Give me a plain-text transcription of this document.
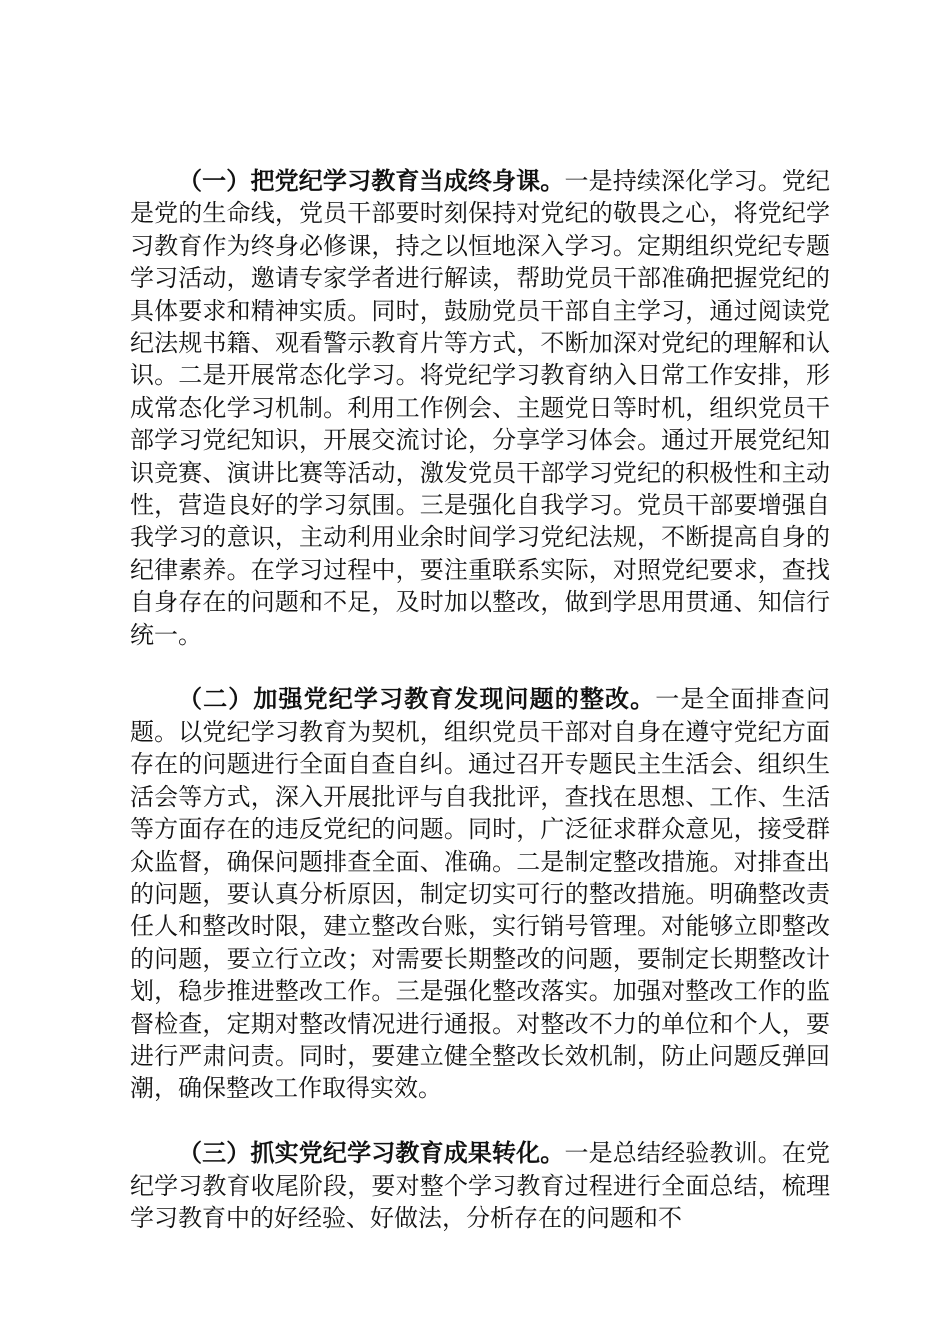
（一）把党纪学习教育当成终身课。一是持续深化学习。党纪是党的生命线，党员干部要时刻保持对党纪的敬畏之心，将党纪学习教育作为终身必修课，持之以恒地深入学习。定期组织党纪专题学习活动，邀请专家学者进行解读，帮助党员干部准确把握党纪的具体要求和精神实质。同时，鼓励党员干部自主学习，通过阅读党纪法规书籍、观看警示教育片等方式，不断加深对党纪的理解和认识。二是开展常态化学习。将党纪学习教育纳入日常工作安排，形成常态化学习机制。利用工作例会、主题党日等时机，组织党员干部学习党纪知识，开展交流讨论，分享学习体会。通过开展党纪知识竞赛、演讲比赛等活动，激发党员干部学习党纪的积极性和主动性，营造良好的学习氛围。三是强化自我学习。党员干部要增强自我学习的意识，主动利用业余时间学习党纪法规，不断提高自身的纪律素养。在学习过程中，要注重联系实际，对照党纪要求，查找自身存在的问题和不足，及时加以整改，做到学思用贯通、知信行统一。

（二）加强党纪学习教育发现问题的整改。一是全面排查问题。以党纪学习教育为契机，组织党员干部对自身在遵守党纪方面存在的问题进行全面自查自纠。通过召开专题民主生活会、组织生活会等方式，深入开展批评与自我批评，查找在思想、工作、生活等方面存在的违反党纪的问题。同时，广泛征求群众意见，接受群众监督，确保问题排查全面、准确。二是制定整改措施。对排查出的问题，要认真分析原因，制定切实可行的整改措施。明确整改责任人和整改时限，建立整改台账，实行销号管理。对能够立即整改的问题，要立行立改；对需要长期整改的问题，要制定长期整改计划，稳步推进整改工作。三是强化整改落实。加强对整改工作的监督检查，定期对整改情况进行通报。对整改不力的单位和个人，要进行严肃问责。同时，要建立健全整改长效机制，防止问题反弹回潮，确保整改工作取得实效。

（三）抓实党纪学习教育成果转化。一是总结经验教训。在党纪学习教育收尾阶段，要对整个学习教育过程进行全面总结，梳理学习教育中的好经验、好做法，分析存在的问题和不
